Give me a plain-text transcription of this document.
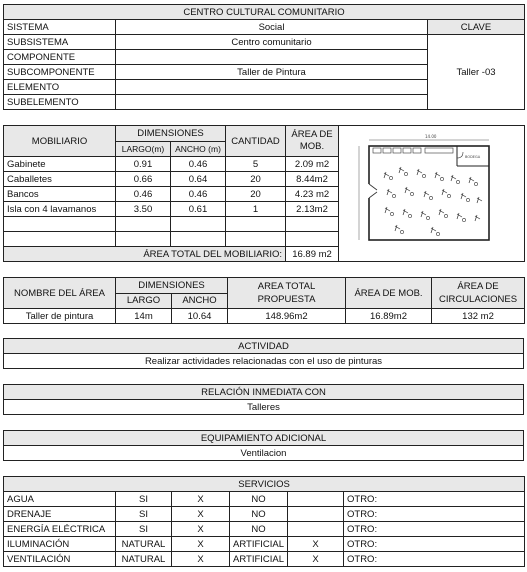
CENTRO CULTURAL COMUNITARIO		
SISTEMA	Social	CLAVE
SUBSISTEMA	Centro comunitario	Taller -03
COMPONENTE		
SUBCOMPONENTE	Taller de Pintura	
ELEMENTO		
SUBELEMENTO		
MOBILIARIO	DIMENSIONES		CANTIDAD	ÁREA DE MOB.	14.00
BODEGA

	LARGO(m)	ANCHO (m)			
Gabinete	0.91	0.46	5	2.09 m2	
Caballetes	0.66	0.64	20	8.44m2	
Bancos	0.46	0.46	20	4.23 m2	
Isla con 4 lavamanos	3.50	0.61	1	2.13m2	

ÁREA TOTAL DEL MOBILIARIO:				16.89 m2	
NOMBRE DEL ÁREA	DIMENSIONES		AREA TOTAL PROPUESTA	ÁREA DE MOB.	ÁREA DE CIRCULACIONES
	LARGO	ANCHO			
Taller de pintura	14m	10.64	148.96m2	16.89m2	132 m2
ACTIVIDAD
Realizar actividades relacionadas con el uso de pinturas
RELACIÓN INMEDIATA CON
Talleres
EQUIPAMIENTO ADICIONAL
Ventilacion
SERVICIOS					
AGUA	SI	X	NO		OTRO:
DRENAJE	SI	X	NO		OTRO:
ENERGÍA ELÉCTRICA	SI	X	NO		OTRO:
ILUMINACIÓN	NATURAL	X	ARTIFICIAL	X	OTRO:
VENTILACIÓN	NATURAL	X	ARTIFICIAL	X	OTRO:
